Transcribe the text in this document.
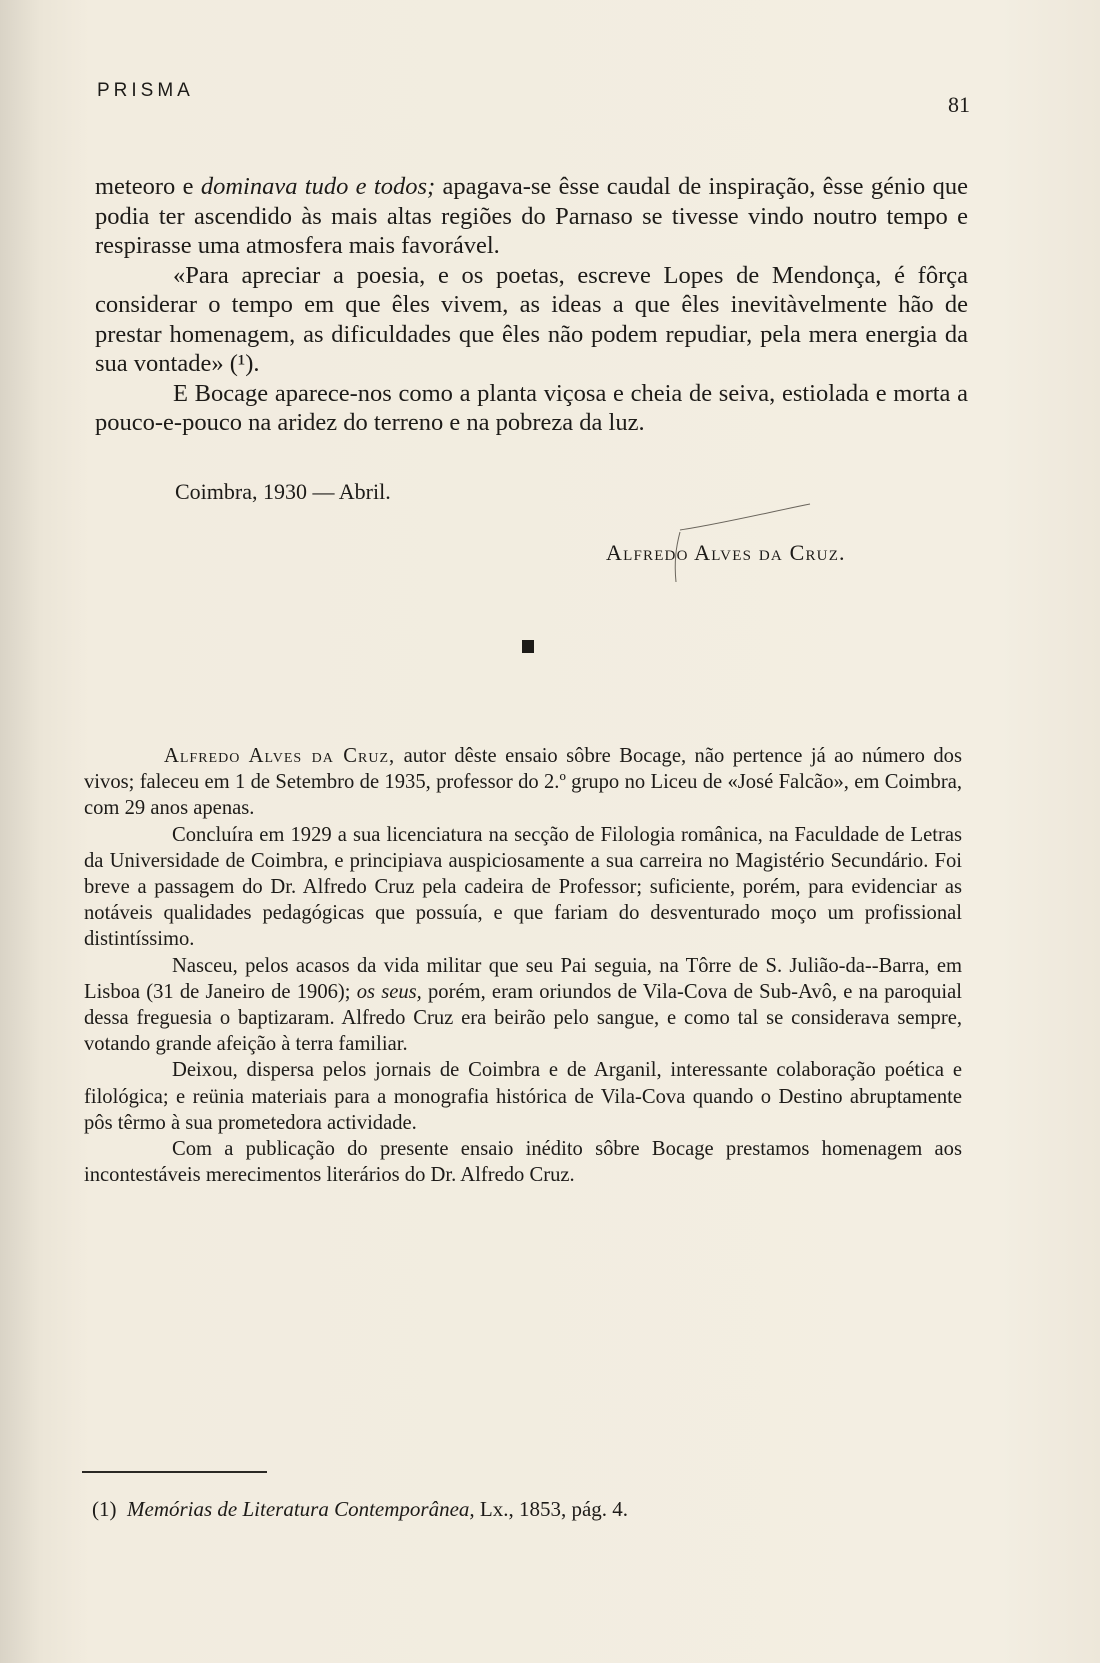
PRISMA
81

meteoro e dominava tudo e todos; apagava-se êsse caudal de inspiração, êsse génio que podia ter ascendido às mais altas regiões do Parnaso se tivesse vindo noutro tempo e respirasse uma atmosfera mais favorável.

«Para apreciar a poesia, e os poetas, escreve Lopes de Mendonça, é fôrça considerar o tempo em que êles vivem, as ideas a que êles inevitàvelmente hão de prestar homenagem, as dificuldades que êles não podem repudiar, pela mera energia da sua vontade» (¹).

E Bocage aparece-nos como a planta viçosa e cheia de seiva, estiolada e morta a pouco-e-pouco na aridez do terreno e na pobreza da luz.

Coimbra, 1930 — Abril.
Alfredo Alves da Cruz.

Alfredo Alves da Cruz, autor dêste ensaio sôbre Bocage, não pertence já ao número dos vivos; faleceu em 1 de Setembro de 1935, professor do 2.º grupo no Liceu de «José Falcão», em Coimbra, com 29 anos apenas.

Concluíra em 1929 a sua licenciatura na secção de Filologia românica, na Faculdade de Letras da Universidade de Coimbra, e principiava auspiciosamente a sua carreira no Magistério Secundário. Foi breve a passagem do Dr. Alfredo Cruz pela cadeira de Professor; suficiente, porém, para evidenciar as notáveis qualidades pedagógicas que possuía, e que fariam do desventurado moço um profissional distintíssimo.

Nasceu, pelos acasos da vida militar que seu Pai seguia, na Tôrre de S. Julião-da--Barra, em Lisboa (31 de Janeiro de 1906); os seus, porém, eram oriundos de Vila-Cova de Sub-Avô, e na paroquial dessa freguesia o baptizaram. Alfredo Cruz era beirão pelo sangue, e como tal se considerava sempre, votando grande afeição à terra familiar.

Deixou, dispersa pelos jornais de Coimbra e de Arganil, interessante colaboração poética e filológica; e reünia materiais para a monografia histórica de Vila-Cova quando o Destino abruptamente pôs têrmo à sua prometedora actividade.

Com a publicação do presente ensaio inédito sôbre Bocage prestamos homenagem aos incontestáveis merecimentos literários do Dr. Alfredo Cruz.

(1) Memórias de Literatura Contemporânea, Lx., 1853, pág. 4.
